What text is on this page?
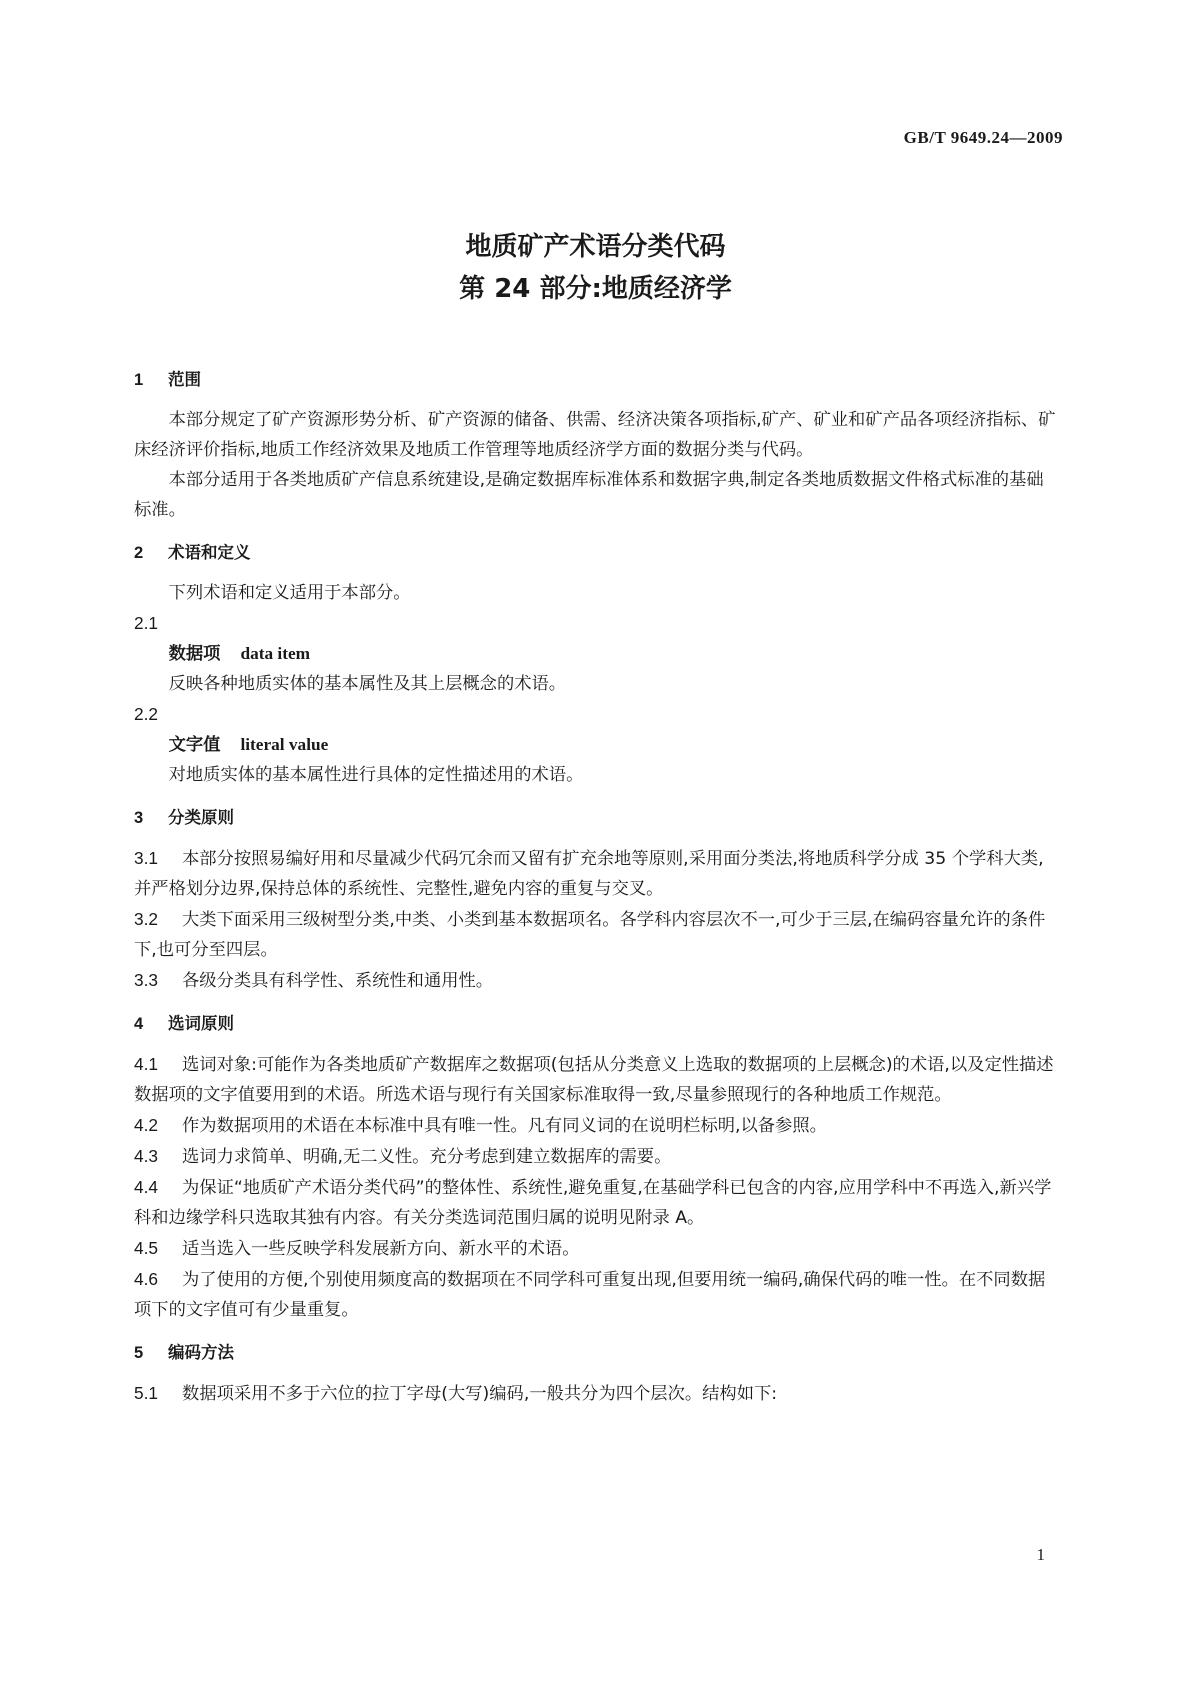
GB/T 9649.24—2009
地质矿产术语分类代码
第 24 部分:地质经济学
1 范围

本部分规定了矿产资源形势分析、矿产资源的储备、供需、经济决策各项指标,矿产、矿业和矿产品各项经济指标、矿床经济评价指标,地质工作经济效果及地质工作管理等地质经济学方面的数据分类与代码。

本部分适用于各类地质矿产信息系统建设,是确定数据库标准体系和数据字典,制定各类地质数据文件格式标准的基础标准。

2 术语和定义

下列术语和定义适用于本部分。

2.1
数据项 data item
反映各种地质实体的基本属性及其上层概念的术语。
2.2
文字值 literal value
对地质实体的基本属性进行具体的定性描述用的术语。
3 分类原则

3.1 本部分按照易编好用和尽量减少代码冗余而又留有扩充余地等原则,采用面分类法,将地质科学分成 35 个学科大类,并严格划分边界,保持总体的系统性、完整性,避免内容的重复与交叉。

3.2 大类下面采用三级树型分类,中类、小类到基本数据项名。各学科内容层次不一,可少于三层,在编码容量允许的条件下,也可分至四层。

3.3 各级分类具有科学性、系统性和通用性。

4 选词原则

4.1 选词对象:可能作为各类地质矿产数据库之数据项(包括从分类意义上选取的数据项的上层概念)的术语,以及定性描述数据项的文字值要用到的术语。所选术语与现行有关国家标准取得一致,尽量参照现行的各种地质工作规范。

4.2 作为数据项用的术语在本标准中具有唯一性。凡有同义词的在说明栏标明,以备参照。

4.3 选词力求简单、明确,无二义性。充分考虑到建立数据库的需要。

4.4 为保证“地质矿产术语分类代码”的整体性、系统性,避免重复,在基础学科已包含的内容,应用学科中不再选入,新兴学科和边缘学科只选取其独有内容。有关分类选词范围归属的说明见附录 A。

4.5 适当选入一些反映学科发展新方向、新水平的术语。

4.6 为了使用的方便,个别使用频度高的数据项在不同学科可重复出现,但要用统一编码,确保代码的唯一性。在不同数据项下的文字值可有少量重复。

5 编码方法

5.1 数据项采用不多于六位的拉丁字母(大写)编码,一般共分为四个层次。结构如下:

1
